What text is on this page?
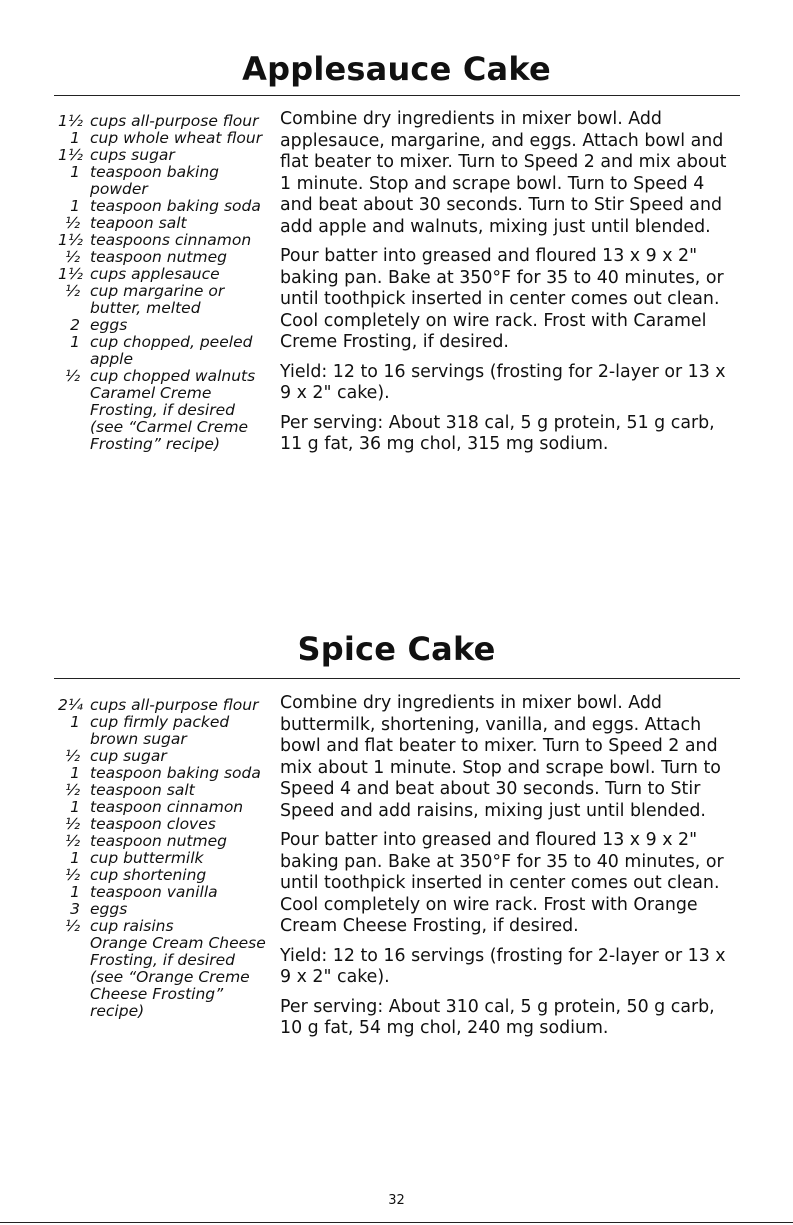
Applesauce Cake
1½ cups all-purpose flour
1 cup whole wheat flour
1½ cups sugar
1 teaspoon baking powder
1 teaspoon baking soda
½ teapoon salt
1½ teaspoons cinnamon
½ teaspoon nutmeg
1½ cups applesauce
½ cup margarine or butter, melted
2 eggs
1 cup chopped, peeled apple
½ cup chopped walnuts
Caramel Creme Frosting, if desired (see “Carmel Creme Frosting” recipe)

Combine dry ingredients in mixer bowl. Add applesauce, margarine, and eggs. Attach bowl and flat beater to mixer. Turn to Speed 2 and mix about 1 minute. Stop and scrape bowl. Turn to Speed 4 and beat about 30 seconds. Turn to Stir Speed and add apple and walnuts, mixing just until blended.

Pour batter into greased and floured 13 x 9 x 2" baking pan. Bake at 350°F for 35 to 40 minutes, or until toothpick inserted in center comes out clean. Cool completely on wire rack. Frost with Caramel Creme Frosting, if desired.

Yield: 12 to 16 servings (frosting for 2-layer or 13 x 9 x 2" cake).

Per serving: About 318 cal, 5 g protein, 51 g carb, 11 g fat, 36 mg chol, 315 mg sodium.

Spice Cake
2¼ cups all-purpose flour
1 cup firmly packed brown sugar
½ cup sugar
1 teaspoon baking soda
½ teaspoon salt
1 teaspoon cinnamon
½ teaspoon cloves
½ teaspoon nutmeg
1 cup buttermilk
½ cup shortening
1 teaspoon vanilla
3 eggs
½ cup raisins
Orange Cream Cheese Frosting, if desired (see “Orange Creme Cheese Frosting” recipe)

Combine dry ingredients in mixer bowl. Add buttermilk, shortening, vanilla, and eggs. Attach bowl and flat beater to mixer. Turn to Speed 2 and mix about 1 minute. Stop and scrape bowl. Turn to Speed 4 and beat about 30 seconds. Turn to Stir Speed and add raisins, mixing just until blended.

Pour batter into greased and floured 13 x 9 x 2" baking pan. Bake at 350°F for 35 to 40 minutes, or until toothpick inserted in center comes out clean. Cool completely on wire rack. Frost with Orange Cream Cheese Frosting, if desired.

Yield: 12 to 16 servings (frosting for 2-layer or 13 x 9 x 2" cake).

Per serving: About 310 cal, 5 g protein, 50 g carb, 10 g fat, 54 mg chol, 240 mg sodium.

32
